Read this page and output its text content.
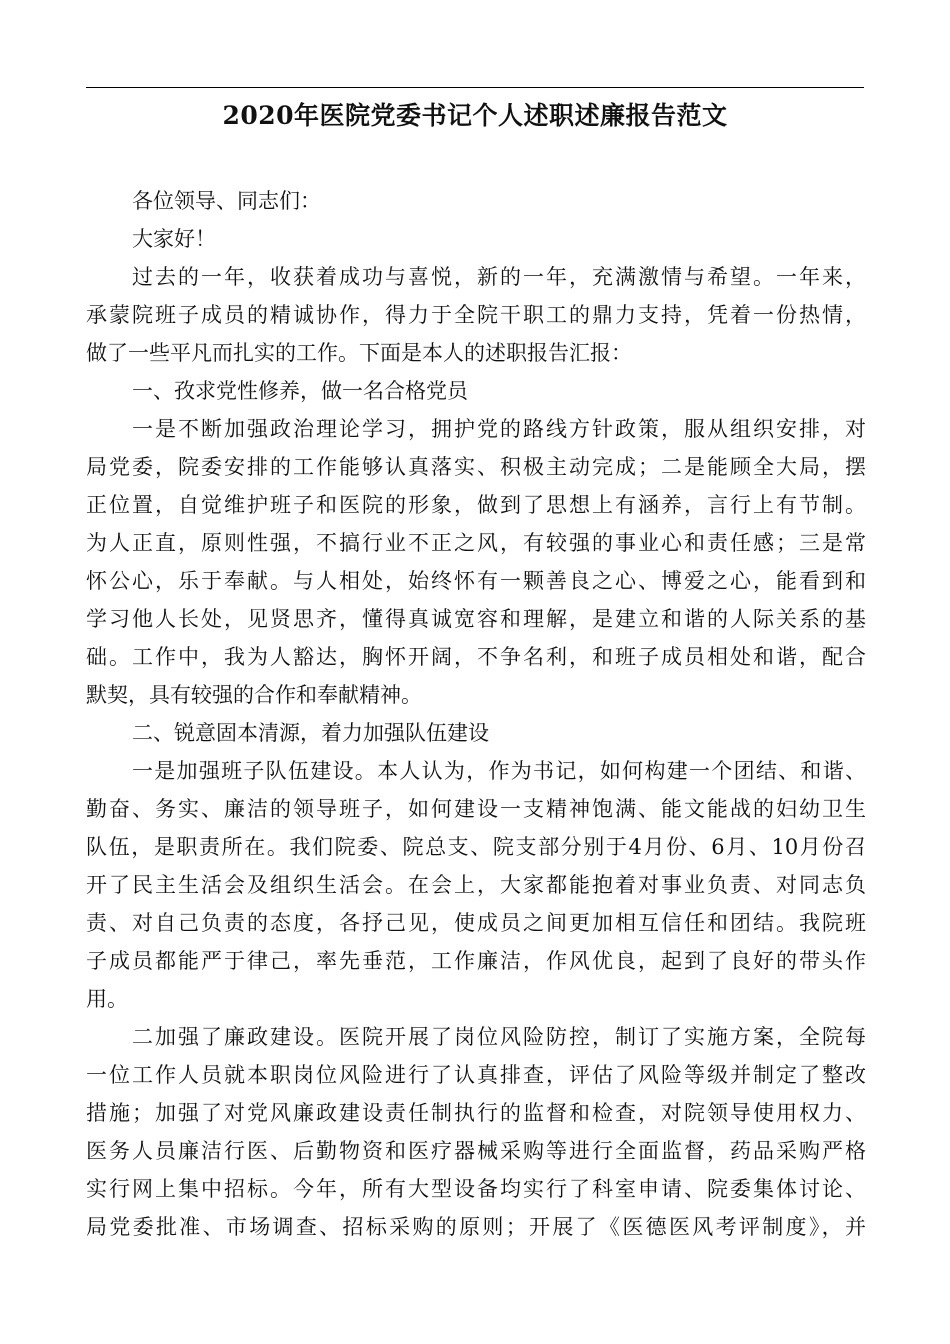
2020年医院党委书记个人述职述廉报告范文
各位领导、同志们：
大家好！
过去的一年，收获着成功与喜悦，新的一年，充满激情与希望。一年来，
承蒙院班子成员的精诚协作，得力于全院干职工的鼎力支持，凭着一份热情，
做了一些平凡而扎实的工作。下面是本人的述职报告汇报：
一、孜求党性修养，做一名合格党员
一是不断加强政治理论学习，拥护党的路线方针政策，服从组织安排，对
局党委，院委安排的工作能够认真落实、积极主动完成；二是能顾全大局，摆
正位置，自觉维护班子和医院的形象，做到了思想上有涵养，言行上有节制。
为人正直，原则性强，不搞行业不正之风，有较强的事业心和责任感；三是常
怀公心，乐于奉献。与人相处，始终怀有一颗善良之心、博爱之心，能看到和
学习他人长处，见贤思齐，懂得真诚宽容和理解，是建立和谐的人际关系的基
础。工作中，我为人豁达，胸怀开阔，不争名利，和班子成员相处和谐，配合
默契，具有较强的合作和奉献精神。
二、锐意固本清源，着力加强队伍建设
一是加强班子队伍建设。本人认为，作为书记，如何构建一个团结、和谐、
勤奋、务实、廉洁的领导班子，如何建设一支精神饱满、能文能战的妇幼卫生
队伍，是职责所在。我们院委、院总支、院支部分别于4月份、6月、10月份召
开了民主生活会及组织生活会。在会上，大家都能抱着对事业负责、对同志负
责、对自己负责的态度，各抒己见，使成员之间更加相互信任和团结。我院班
子成员都能严于律己，率先垂范，工作廉洁，作风优良，起到了良好的带头作
用。
二加强了廉政建设。医院开展了岗位风险防控，制订了实施方案，全院每
一位工作人员就本职岗位风险进行了认真排查，评估了风险等级并制定了整改
措施；加强了对党风廉政建设责任制执行的监督和检查，对院领导使用权力、
医务人员廉洁行医、后勤物资和医疗器械采购等进行全面监督，药品采购严格
实行网上集中招标。今年，所有大型设备均实行了科室申请、院委集体讨论、
局党委批准、市场调查、招标采购的原则；开展了《医德医风考评制度》，并
